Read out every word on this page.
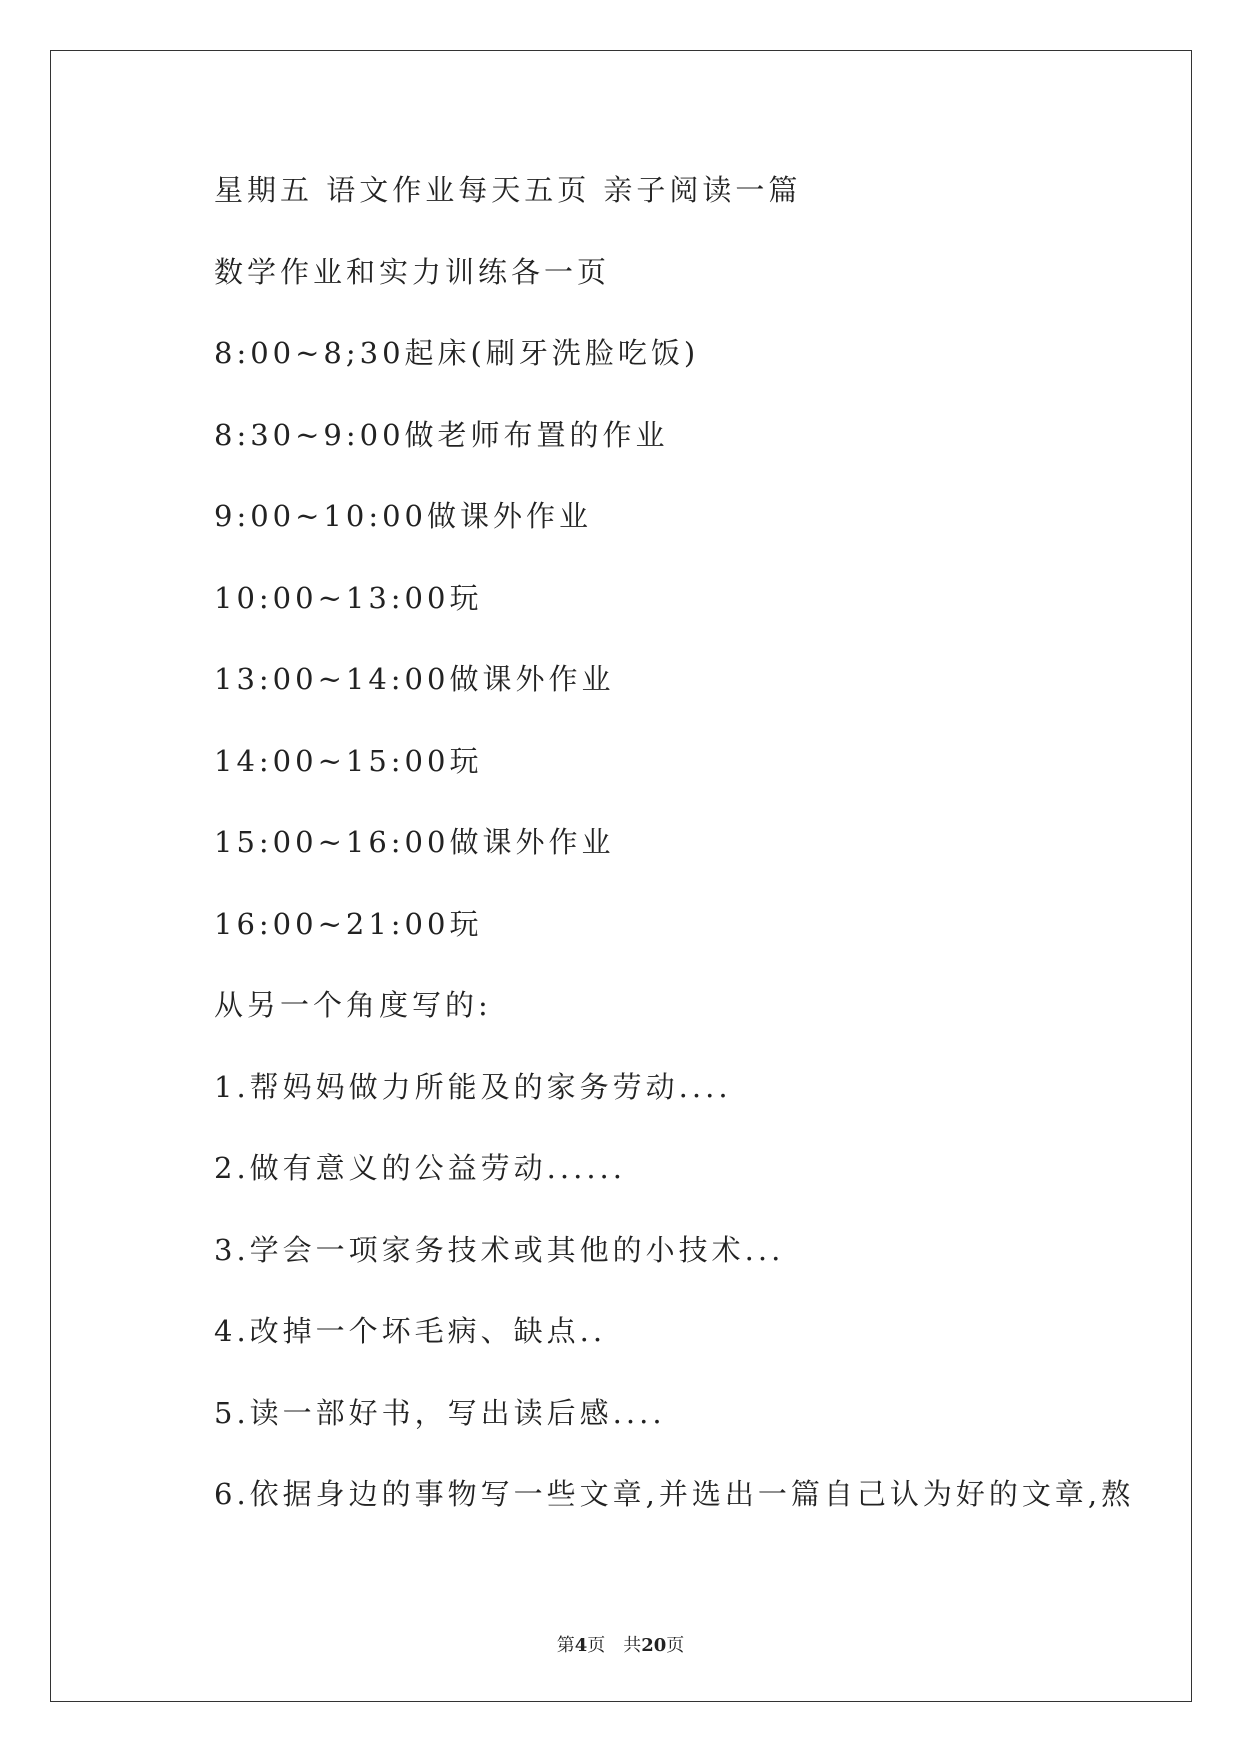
星期五 语文作业每天五页 亲子阅读一篇
数学作业和实力训练各一页
8:00~8;30起床(刷牙洗脸吃饭)
8:30~9:00做老师布置的作业
9:00~10:00做课外作业
10:00~13:00玩
13:00~14:00做课外作业
14:00~15:00玩
15:00~16:00做课外作业
16:00~21:00玩
从另一个角度写的:
1.帮妈妈做力所能及的家务劳动....
2.做有意义的公益劳动......
3.学会一项家务技术或其他的小技术...
4.改掉一个坏毛病、缺点..
5.读一部好书，写出读后感....
6.依据身边的事物写一些文章,并选出一篇自己认为好的文章,熬
第4页 共20页
